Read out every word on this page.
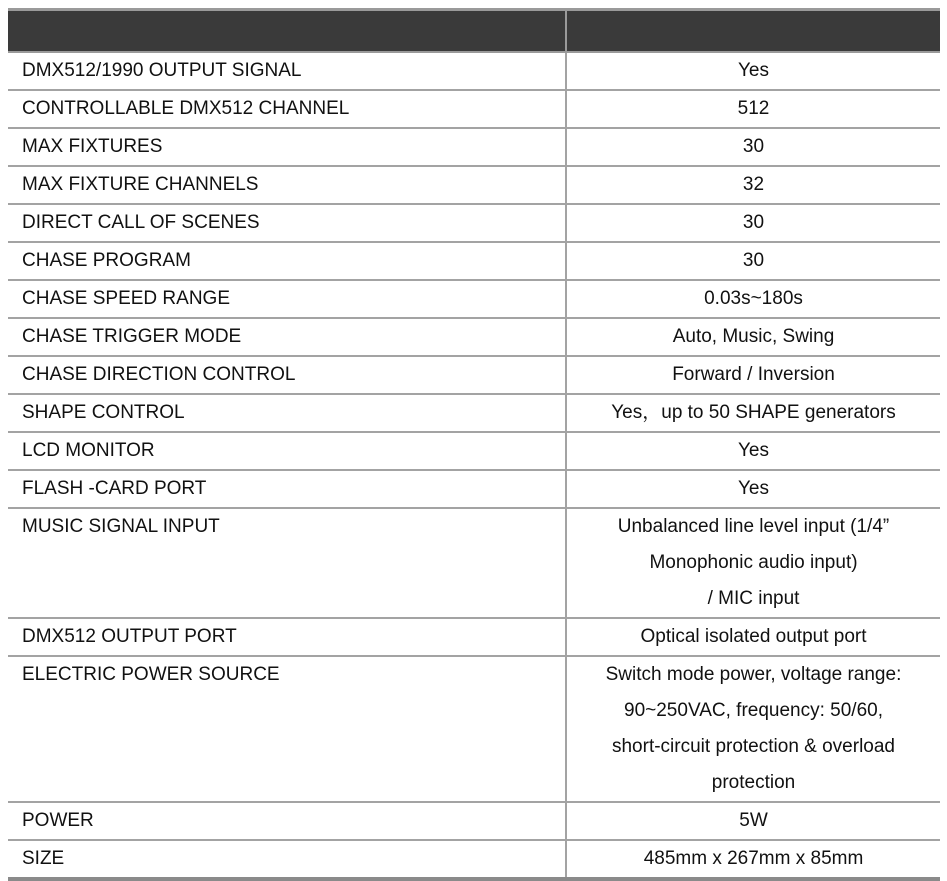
DMX512/1990 OUTPUT SIGNAL	Yes
CONTROLLABLE DMX512 CHANNEL	512
MAX FIXTURES	30
MAX FIXTURE CHANNELS	32
DIRECT CALL OF SCENES	30
CHASE PROGRAM	30
CHASE SPEED RANGE	0.03s~180s
CHASE TRIGGER MODE	Auto, Music, Swing
CHASE DIRECTION CONTROL	Forward / Inversion
SHAPE CONTROL	Yes，up to 50 SHAPE generators
LCD MONITOR	Yes
FLASH -CARD PORT	Yes
MUSIC SIGNAL INPUT	Unbalanced line level input (1/4”
Monophonic audio input)
/ MIC input
DMX512 OUTPUT PORT	Optical isolated output port
ELECTRIC POWER SOURCE	Switch mode power, voltage range:
90~250VAC, frequency: 50/60,
short-circuit protection & overload
protection
POWER	5W
SIZE	485mm x 267mm x 85mm
